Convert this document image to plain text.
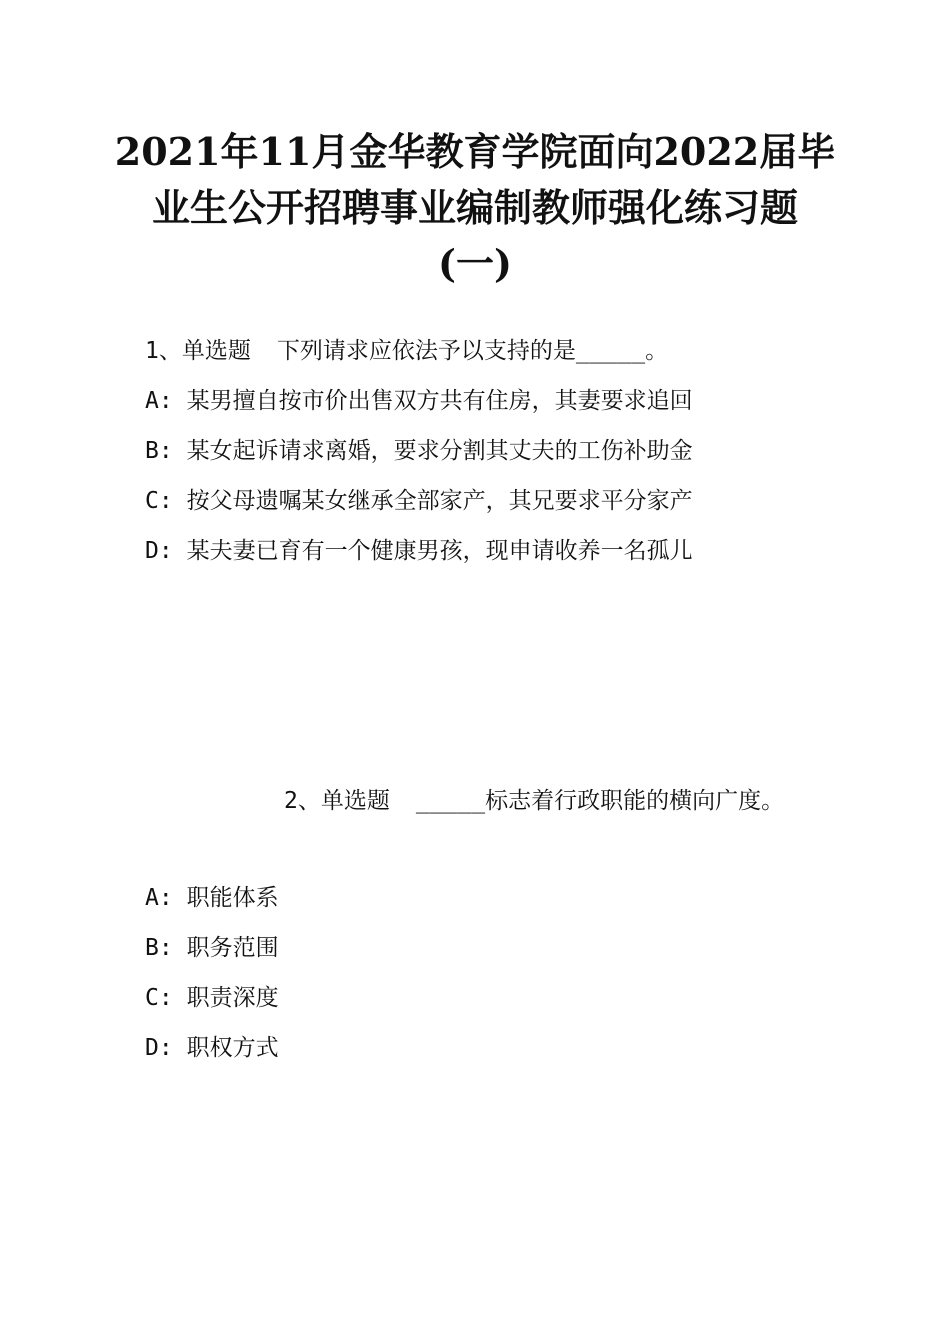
2021年11月金华教育学院面向2022届毕
业生公开招聘事业编制教师强化练习题
(一)
1、单选题 下列请求应依法予以支持的是_____。
A: 某男擅自按市价出售双方共有住房，其妻要求追回
B: 某女起诉请求离婚，要求分割其丈夫的工伤补助金
C: 按父母遗嘱某女继承全部家产，其兄要求平分家产
D: 某夫妻已育有一个健康男孩，现申请收养一名孤儿
2、单选题 _____标志着行政职能的横向广度。
A: 职能体系
B: 职务范围
C: 职责深度
D: 职权方式
